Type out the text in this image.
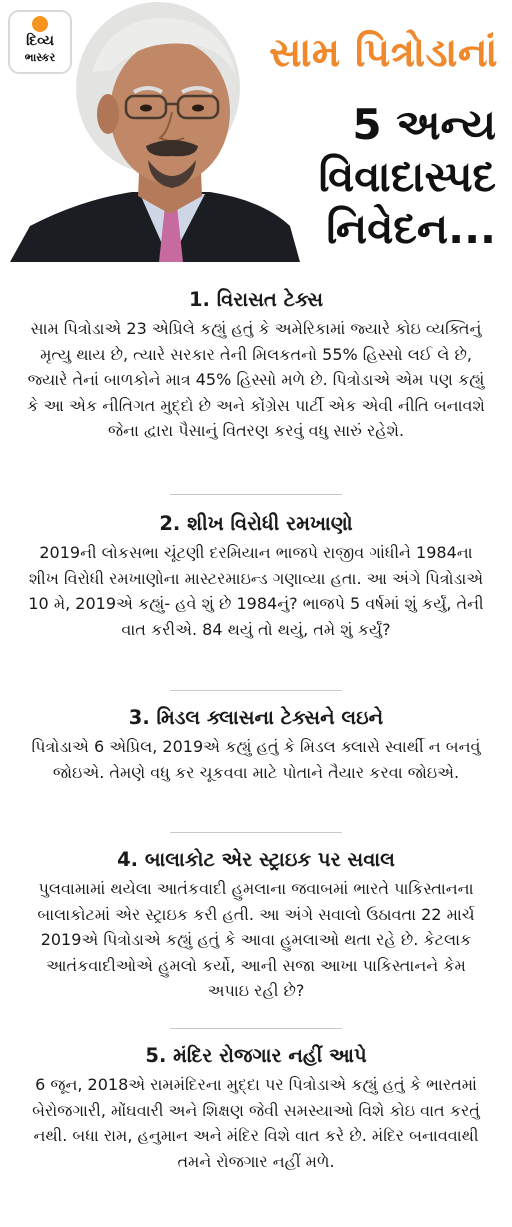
દિવ્ય
ભાસ્કર	સામ પિત્રોડાનાં
5 અન્ય
વિવાદાસ્પદ
નિવેદન...
1. વિરાસત ટેક્સ

સામ પિત્રોડાએ 23 એપ્રિલે કહ્યું હતું કે અમેરિકામાં જ્યારે કોઇ વ્યક્તિનું મૃત્યુ થાય છે, ત્યારે સરકાર તેની મિલકતનો 55% હિસ્સો લઈ લે છે, જ્યારે તેનાં બાળકોને માત્ર 45% હિસ્સો મળે છે. પિત્રોડાએ એમ પણ કહ્યું કે આ એક નીતિગત મુદ્દો છે અને કોંગ્રેસ પાર્ટી એક એવી નીતિ બનાવશે જેના દ્વારા પૈસાનું વિતરણ કરવું વધુ સારું રહેશે.

2. શીખ વિરોધી રમખાણો

2019ની લોકસભા ચૂંટણી દરમિયાન ભાજપે રાજીવ ગાંધીને 1984ના શીખ વિરોધી રમખાણોના માસ્ટરમાઇન્ડ ગણાવ્યા હતા. આ અંગે પિત્રોડાએ 10 મે, 2019એ કહ્યું- હવે શું છે 1984નું? ભાજપે 5 વર્ષમાં શું કર્યું, તેની વાત કરીએ. 84 થયું તો થયું, તમે શું કર્યું?

3. મિડલ ક્લાસના ટેક્સને લઇને

પિત્રોડાએ 6 એપ્રિલ, 2019એ કહ્યું હતું કે મિડલ ક્લાસે સ્વાર્થી ન બનવું જોઇએ. તેમણે વધુ કર ચૂકવવા માટે પોતાને તૈયાર કરવા જોઇએ.

4. બાલાકોટ એર સ્ટ્રાઇક પર સવાલ

પુલવામામાં થયેલા આતંકવાદી હુમલાના જવાબમાં ભારતે પાકિસ્તાનના બાલાકોટમાં એર સ્ટ્રાઇક કરી હતી. આ અંગે સવાલો ઉઠાવતા 22 માર્ચ 2019એ પિત્રોડાએ કહ્યું હતું કે આવા હુમલાઓ થતા રહે છે. કેટલાક આતંકવાદીઓએ હુમલો કર્યો, આની સજા આખા પાકિસ્તાનને કેમ અપાઇ રહી છે?

5. મંદિર રોજગાર નહીં આપે

6 જૂન, 2018એ રામમંદિરના મુદ્દા પર પિત્રોડાએ કહ્યું હતું કે ભારતમાં બેરોજગારી, મોંઘવારી અને શિક્ષણ જેવી સમસ્યાઓ વિશે કોઇ વાત કરતું નથી. બધા રામ, હનુમાન અને મંદિર વિશે વાત કરે છે. મંદિર બનાવવાથી તમને રોજગાર નહીં મળે.
